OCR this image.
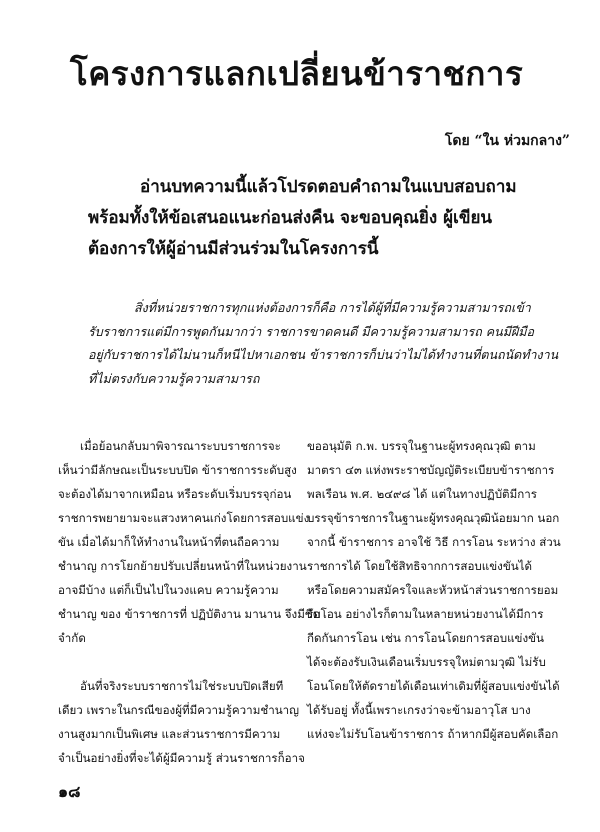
โครงการแลกเปลี่ยนข้าราชการ
โดย “ใน ห่วมกลาง”

อ่านบทความนี้แล้วโปรดตอบคำถามในแบบสอบถาม

พร้อมทั้งให้ข้อเสนอแนะก่อนส่งคืน จะขอบคุณยิ่ง ผู้เขียน

ต้องการให้ผู้อ่านมีส่วนร่วมในโครงการนี้

สิ่งที่หน่วยราชการทุกแห่งต้องการก็คือ การได้ผู้ที่มีความรู้ความสามารถเข้า

รับราชการแต่มีการพูดกันมากว่า ราชการขาดคนดี มีความรู้ความสามารถ คนมีฝีมือ

อยู่กับราชการได้ไม่นานก็หนีไปหาเอกชน ข้าราชการก็บ่นว่าไม่ได้ทำงานที่ตนถนัดทำงาน

ที่ไม่ตรงกับความรู้ความสามารถ

เมื่อย้อนกลับมาพิจารณาระบบราชการจะ

เห็นว่ามีลักษณะเป็นระบบปิด ข้าราชการระดับสูง

จะต้องได้มาจากเหมือน หรือระดับเริ่มบรรจุก่อน

ราชการพยายามจะแสวงหาคนเก่งโดยการสอบแข่ง

ขัน เมื่อได้มาก็ให้ทำงานในหน้าที่ตนถือความ

ชำนาญ การโยกย้ายปรับเปลี่ยนหน้าที่ในหน่วยงาน

อาจมีบ้าง แต่ก็เป็นไปในวงแคบ ความรู้ความ

ชำนาญ ของ ข้าราชการที่ ปฏิบัติงาน มานาน จึงมีขีด

จำกัด

อันที่จริงระบบราชการไม่ใช่ระบบปิดเสียที

เดียว เพราะในกรณีของผู้ที่มีความรู้ความชำนาญ

งานสูงมากเป็นพิเศษ และส่วนราชการมีความ

จำเป็นอย่างยิ่งที่จะได้ผู้มีความรู้ ส่วนราชการก็อาจ

ขออนุมัติ ก.พ. บรรจุในฐานะผู้ทรงคุณวุฒิ ตาม

มาตรา ๔๓ แห่งพระราชบัญญัติระเบียบข้าราชการ

พลเรือน พ.ศ. ๒๔๙๘ ได้ แต่ในทางปฏิบัติมีการ

บรรจุข้าราชการในฐานะผู้ทรงคุณวุฒิน้อยมาก นอก

จากนี้ ข้าราชการ อาจใช้ วิธี การโอน ระหว่าง ส่วน

ราชการได้ โดยใช้สิทธิจากการสอบแข่งขันได้

หรือโดยความสมัครใจและหัวหน้าส่วนราชการยอม

รับโอน อย่างไรก็ตามในหลายหน่วยงานได้มีการ

กีดกันการโอน เช่น การโอนโดยการสอบแข่งขัน

ได้จะต้องรับเงินเดือนเริ่มบรรจุใหม่ตามวุฒิ ไม่รับ

โอนโดยให้ตัดรายได้เดือนเท่าเดิมที่ผู้สอบแข่งขันได้

ได้รับอยู่ ทั้งนี้เพราะเกรงว่าจะข้ามอาวุโส บาง

แห่งจะไม่รับโอนข้าราชการ ถ้าหากมีผู้สอบคัดเลือก

๑๘
